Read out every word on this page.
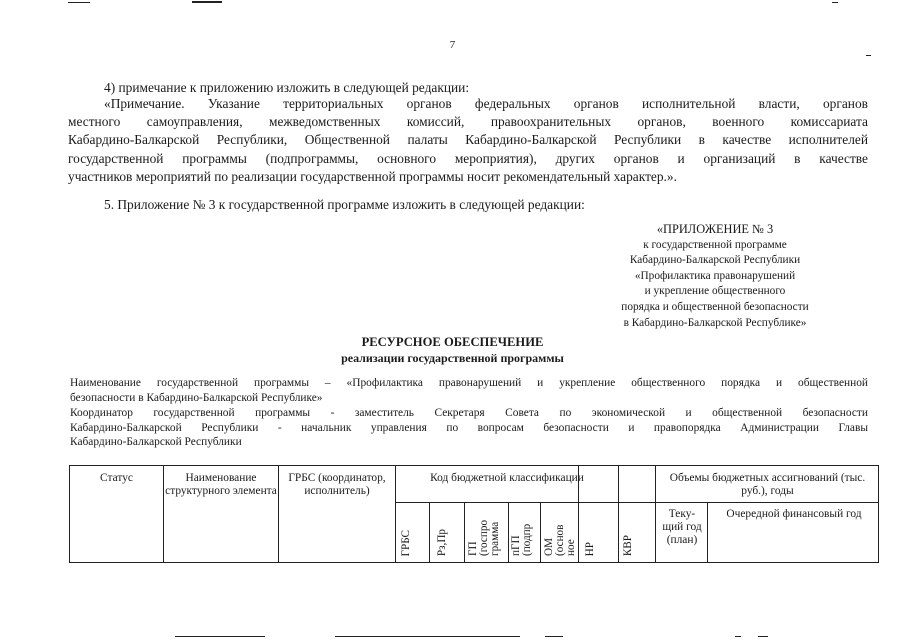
7

4) примечание к приложению изложить в следующей редакции:

«Примечание. Указание территориальных органов федеральных органов исполнительной власти, органов
местного самоуправления, межведомственных комиссий, правоохранительных органов, военного комиссариата
Кабардино-Балкарской Республики, Общественной палаты Кабардино-Балкарской Республики в качестве исполнителей
государственной программы (подпрограммы, основного мероприятия), других органов и организаций в качестве
участников мероприятий по реализации государственной программы носит рекомендательный характер.».

5. Приложение № 3 к государственной программе изложить в следующей редакции:

«ПРИЛОЖЕНИЕ № 3
к государственной программе
Кабардино-Балкарской Республики
«Профилактика правонарушений
и укрепление общественного
порядка и общественной безопасности
в Кабардино-Балкарской Республике»
РЕСУРСНОЕ ОБЕСПЕЧЕНИЕ
реализации государственной программы
Наименование государственной программы – «Профилактика правонарушений и укрепление общественного порядка и общественной
безопасности в Кабардино-Балкарской Республике»
Координатор государственной программы - заместитель Секретаря Совета по экономической и общественной безопасности
Кабардино-Балкарской Республики - начальник управления по вопросам безопасности и правопорядка Администрации Главы
Кабардино-Балкарской Республики
Статус	Наименование структурного элемента
ГРБС (координатор, исполнитель)
Код бюджетной классификации	Объемы бюджетных ассигнований (тыс. руб.), годы
ГРБС Рз,Пр ГП (госпро грамма пГП (подпр ОМ (основ ное НР КВР
Теку-щий год (план)
Очередной финансовый год
